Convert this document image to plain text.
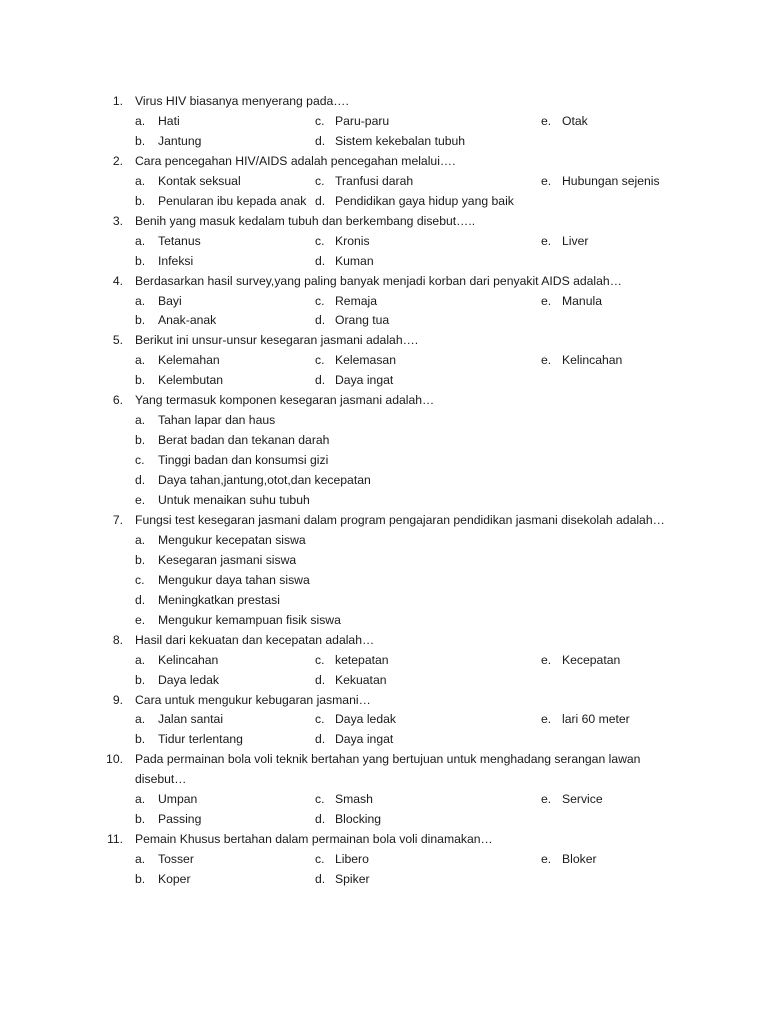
1. Virus HIV biasanya menyerang pada….
a. Hati	c. Paru-paru	e. Otak
b. Jantung	d. Sistem kekebalan tubuh
2. Cara pencegahan HIV/AIDS adalah pencegahan melalui….
a. Kontak seksual	c. Tranfusi darah	e. Hubungan sejenis
b. Penularan ibu kepada anak d. Pendidikan gaya hidup yang baik
3. Benih yang masuk kedalam tubuh dan berkembang disebut…..
a. Tetanus	c. Kronis	e. Liver
b. Infeksi	d. Kuman
4. Berdasarkan hasil survey,yang paling banyak menjadi korban dari penyakit AIDS adalah…
a. Bayi	c. Remaja	e. Manula
b. Anak-anak	d. Orang tua
5. Berikut ini unsur-unsur kesegaran jasmani adalah….
a. Kelemahan	c. Kelemasan	e. Kelincahan
b. Kelembutan	d. Daya ingat
6. Yang termasuk komponen kesegaran jasmani adalah…
a. Tahan lapar dan haus
b. Berat badan dan tekanan darah
c. Tinggi badan dan konsumsi gizi
d. Daya tahan,jantung,otot,dan kecepatan
e. Untuk menaikan suhu tubuh
7. Fungsi test kesegaran jasmani dalam program pengajaran pendidikan jasmani disekolah adalah…
a. Mengukur kecepatan siswa
b. Kesegaran jasmani siswa
c. Mengukur daya tahan siswa
d. Meningkatkan prestasi
e. Mengukur kemampuan fisik siswa
8. Hasil dari kekuatan dan kecepatan adalah…
a. Kelincahan	c. ketepatan	e. Kecepatan
b. Daya ledak	d. Kekuatan
9. Cara untuk mengukur kebugaran jasmani…
a. Jalan santai	c. Daya ledak	e. lari 60 meter
b. Tidur terlentang	d. Daya ingat
10. Pada permainan bola voli teknik bertahan yang bertujuan untuk menghadang serangan lawan
disebut…
a. Umpan	c. Smash	e. Service
b. Passing	d. Blocking
11. Pemain Khusus bertahan dalam permainan bola voli dinamakan…
a. Tosser	c. Libero	e. Bloker
b. Koper	d. Spiker
